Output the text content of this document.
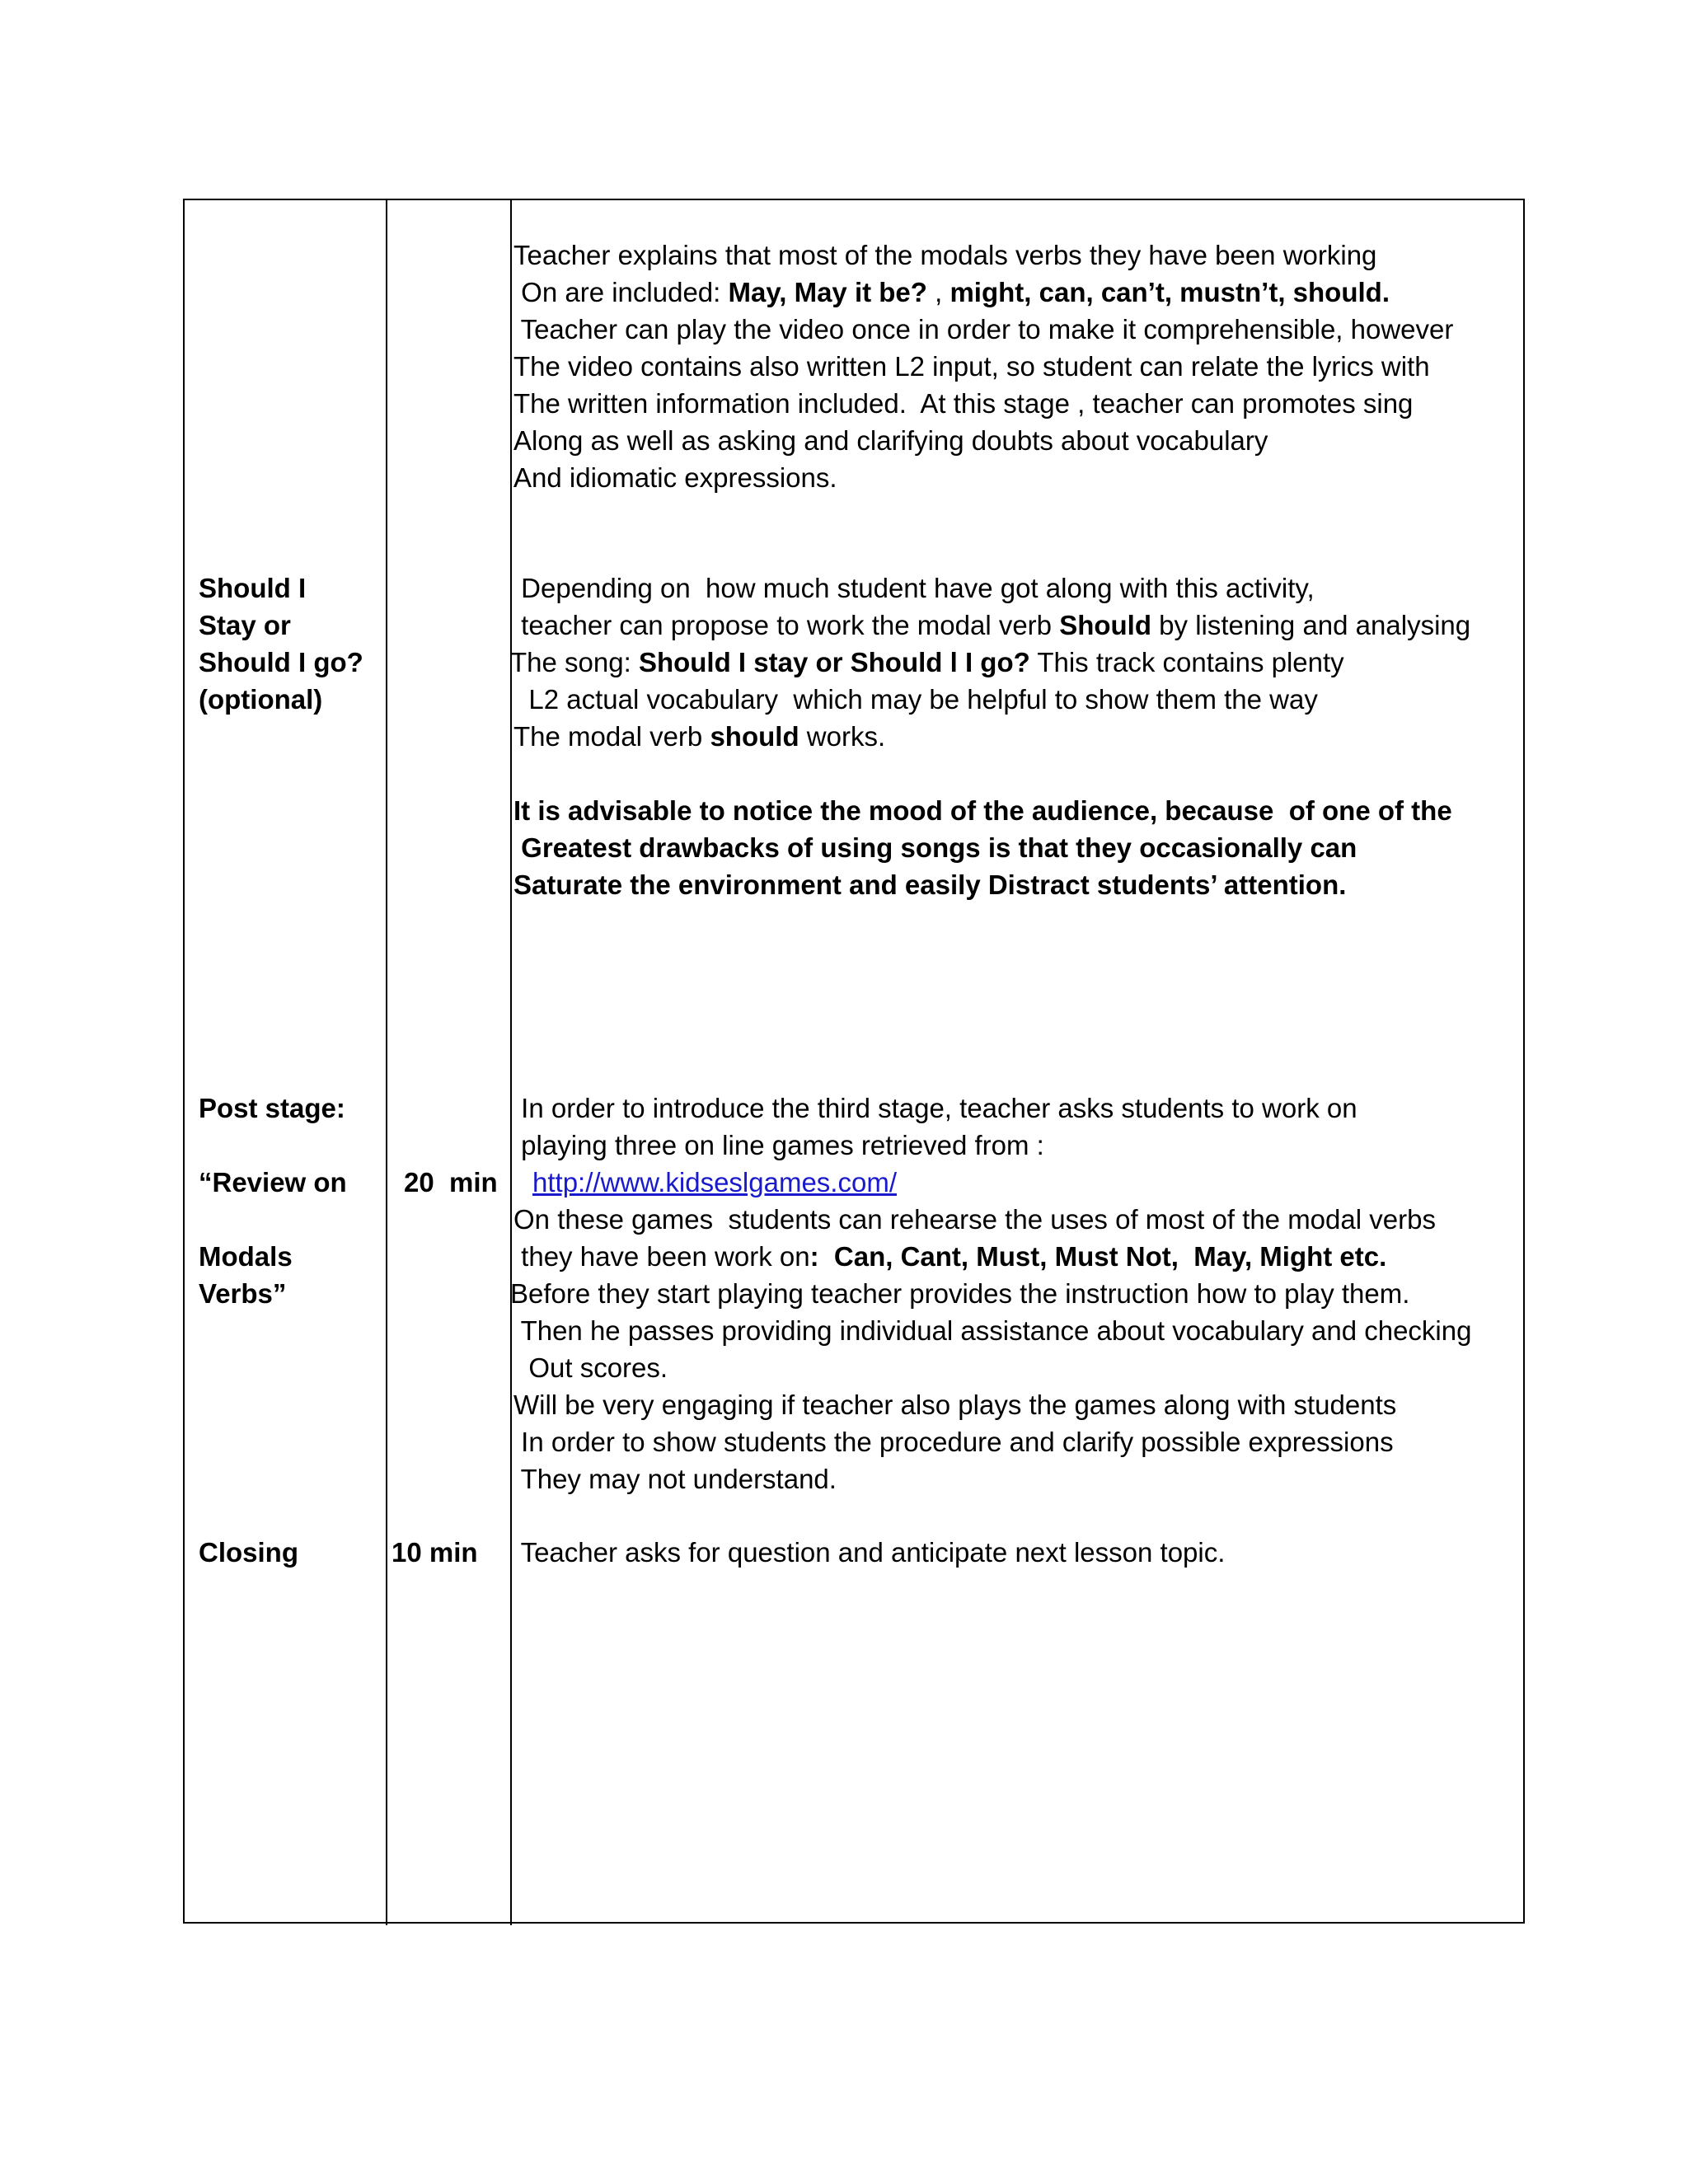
Teacher explains that most of the modals verbs they have been working
On are included: May, May it be? , might, can, can’t, mustn’t, should.
Teacher can play the video once in order to make it comprehensible, however
The video contains also written L2 input, so student can relate the lyrics with
The written information included.  At this stage , teacher can promotes sing
Along as well as asking and clarifying doubts about vocabulary
And idiomatic expressions.
Should I
Stay or
Should I go?
(optional)
Depending on  how much student have got along with this activity,
teacher can propose to work the modal verb Should by listening and analysing
The song: Should I stay or Should l I go? This track contains plenty
L2 actual vocabulary  which may be helpful to show them the way
The modal verb should works.
It is advisable to notice the mood of the audience, because  of one of the
Greatest drawbacks of using songs is that they occasionally can
Saturate the environment and easily Distract students’ attention.
Post stage:
“Review on
Modals
Verbs”
20  min
In order to introduce the third stage, teacher asks students to work on
playing three on line games retrieved from :
http://www.kidseslgames.com/
On these games  students can rehearse the uses of most of the modal verbs
they have been work on:  Can, Cant, Must, Must Not,  May, Might etc.
Before they start playing teacher provides the instruction how to play them.
Then he passes providing individual assistance about vocabulary and checking
Out scores.
Will be very engaging if teacher also plays the games along with students
In order to show students the procedure and clarify possible expressions
They may not understand.
Closing	10 min Teacher asks for question and anticipate next lesson topic.
